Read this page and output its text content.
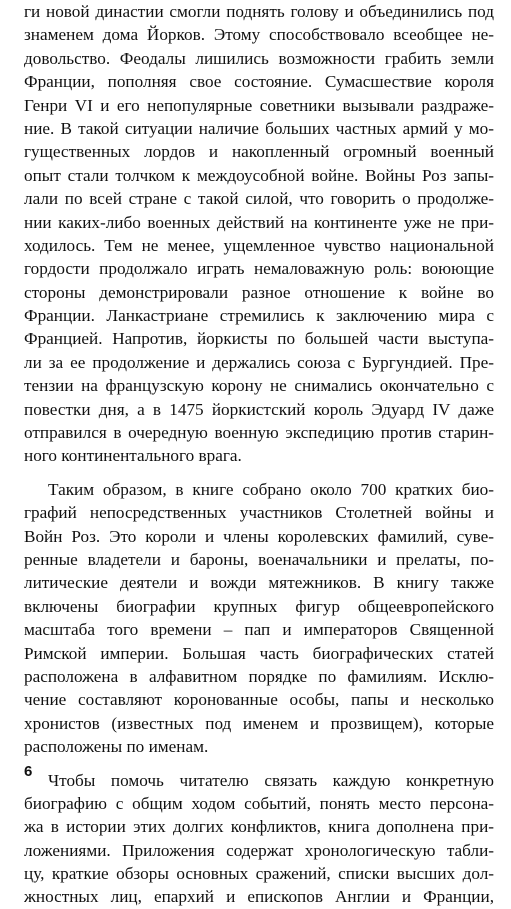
ги новой династии смогли поднять голову и объединились под
знаменем дома Йорков. Этому способствовало всеобщее не-
довольство. Феодалы лишились возможности грабить земли
Франции, пополняя свое состояние. Сумасшествие короля
Генри VI и его непопулярные советники вызывали раздраже-
ние. В такой ситуации наличие больших частных армий у мо-
гущественных лордов и накопленный огромный военный
опыт стали толчком к междоусобной войне. Войны Роз запы-
лали по всей стране с такой силой, что говорить о продолже-
нии каких-либо военных действий на континенте уже не при-
ходилось. Тем не менее, ущемленное чувство национальной
гордости продолжало играть немаловажную роль: воюющие
стороны демонстрировали разное отношение к войне во
Франции. Ланкастриане стремились к заключению мира с
Францией. Напротив, йоркисты по большей части выступа-
ли за ее продолжение и держались союза с Бургундией. Пре-
тензии на французскую корону не снимались окончательно с
повестки дня, а в 1475 йоркистский король Эдуард IV даже
отправился в очередную военную экспедицию против старин-
ного континентального врага.
Таким образом, в книге собрано около 700 кратких био-
графий непосредственных участников Столетней войны и
Войн Роз. Это короли и члены королевских фамилий, суве-
ренные владетели и бароны, военачальники и прелаты, по-
литические деятели и вожди мятежников. В книгу также
включены биографии крупных фигур общеевропейского
масштаба того времени – пап и императоров Священной
Римской империи. Большая часть биографических статей
расположена в алфавитном порядке по фамилиям. Исклю-
чение составляют коронованные особы, папы и несколько
хронистов (известных под именем и прозвищем), которые
расположены по именам.
Чтобы помочь читателю связать каждую конкретную
биографию с общим ходом событий, понять место персона-
жа в истории этих долгих конфликтов, книга дополнена при-
ложениями. Приложения содержат хронологическую табли-
цу, краткие обзоры основных сражений, списки высших дол-
жностных лиц, епархий и епископов Англии и Франции,
6
